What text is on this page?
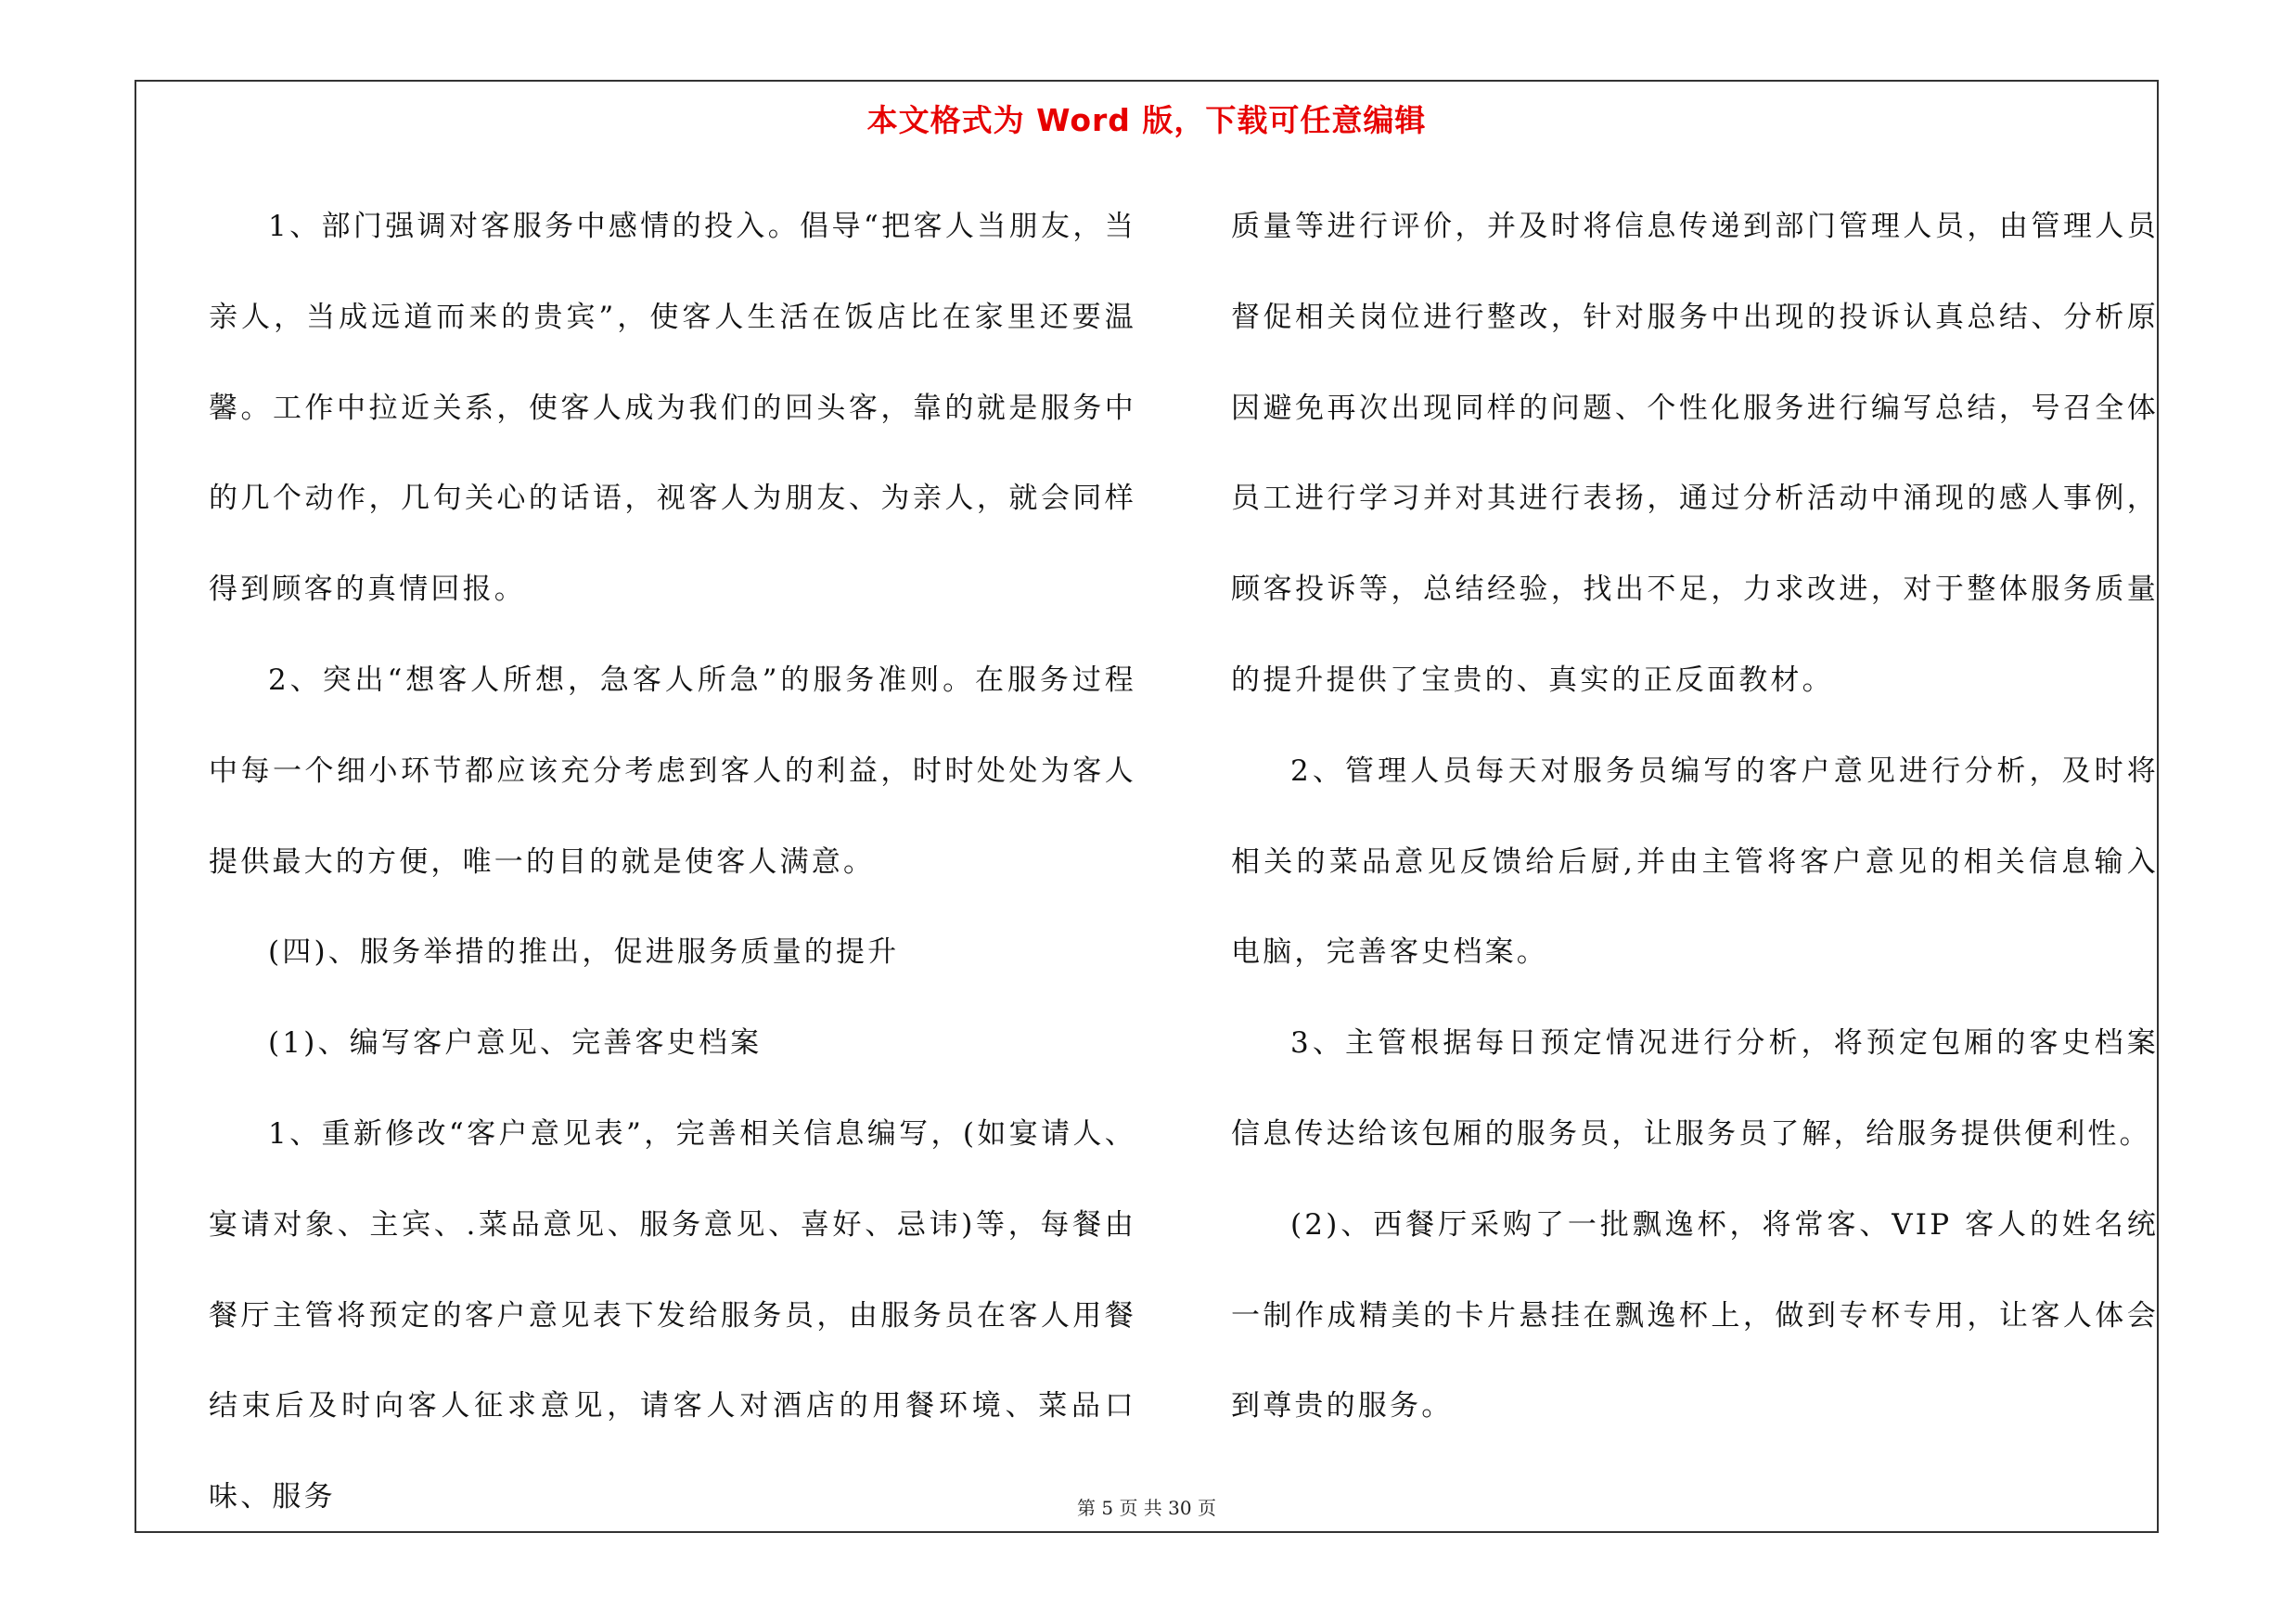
本文格式为 Word 版，下载可任意编辑

1、部门强调对客服务中感情的投入。倡导“把客人当朋友，当亲人，当成远道而来的贵宾”，使客人生活在饭店比在家里还要温馨。工作中拉近关系，使客人成为我们的回头客，靠的就是服务中的几个动作，几句关心的话语，视客人为朋友、为亲人，就会同样得到顾客的真情回报。

2、突出“想客人所想，急客人所急”的服务准则。在服务过程中每一个细小环节都应该充分考虑到客人的利益，时时处处为客人提供最大的方便，唯一的目的就是使客人满意。

(四)、服务举措的推出，促进服务质量的提升

(1)、编写客户意见、完善客史档案

1、重新修改“客户意见表”，完善相关信息编写，(如宴请人、宴请对象、主宾、.菜品意见、服务意见、喜好、忌讳)等，每餐由餐厅主管将预定的客户意见表下发给服务员，由服务员在客人用餐结束后及时向客人征求意见，请客人对酒店的用餐环境、菜品口味、服务

质量等进行评价，并及时将信息传递到部门管理人员，由管理人员督促相关岗位进行整改，针对服务中出现的投诉认真总结、分析原因避免再次出现同样的问题、个性化服务进行编写总结，号召全体员工进行学习并对其进行表扬，通过分析活动中涌现的感人事例，顾客投诉等，总结经验，找出不足，力求改进，对于整体服务质量的提升提供了宝贵的、真实的正反面教材。

2、管理人员每天对服务员编写的客户意见进行分析，及时将相关的菜品意见反馈给后厨,并由主管将客户意见的相关信息输入电脑，完善客史档案。

3、主管根据每日预定情况进行分析，将预定包厢的客史档案信息传达给该包厢的服务员，让服务员了解，给服务提供便利性。

(2)、西餐厅采购了一批飘逸杯，将常客、VIP 客人的姓名统一制作成精美的卡片悬挂在飘逸杯上，做到专杯专用，让客人体会到尊贵的服务。

第 5 页 共 30 页
